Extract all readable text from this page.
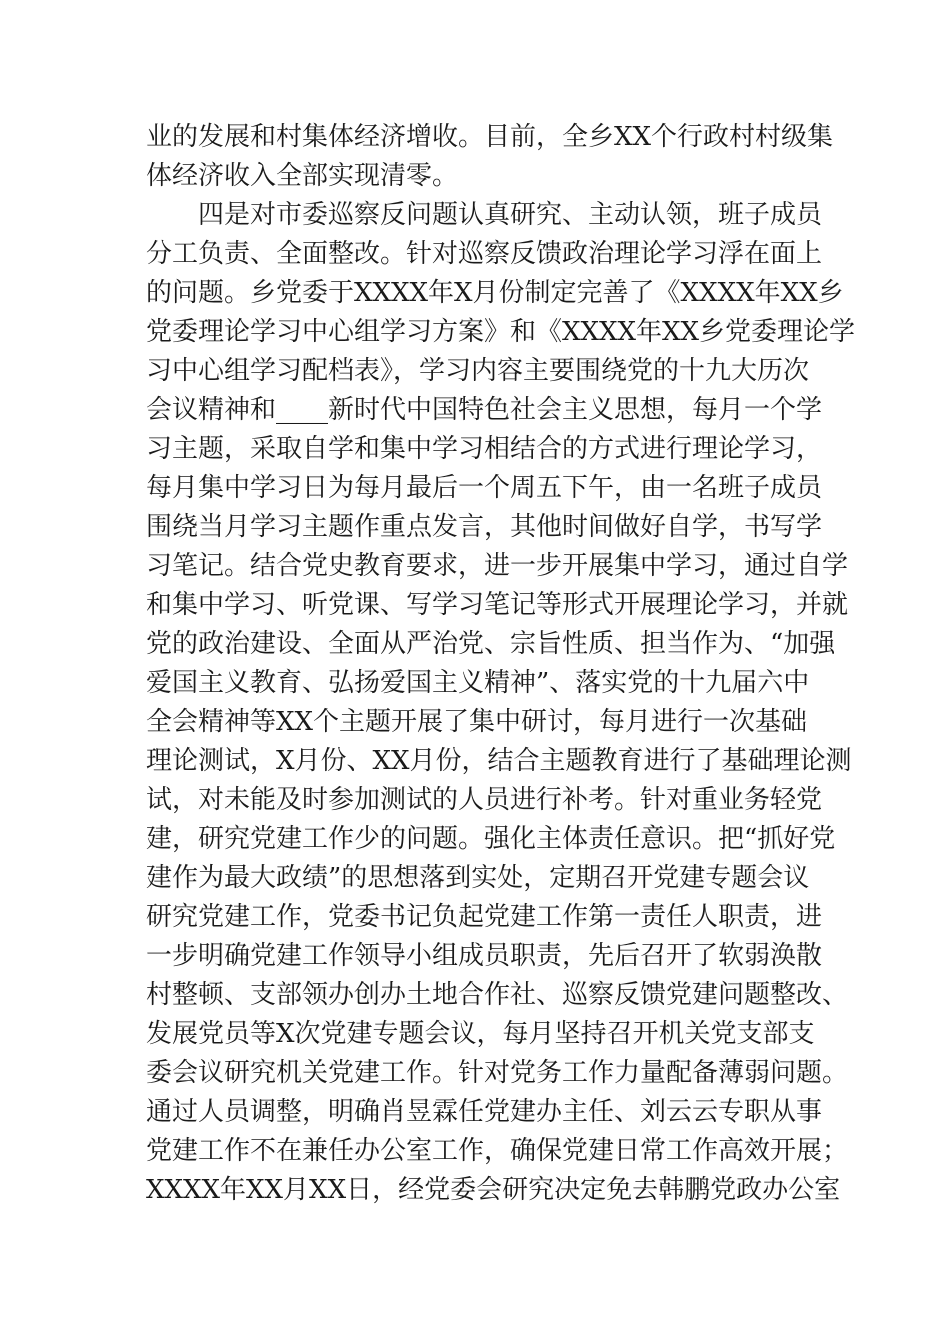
业的发展和村集体经济增收。目前，全乡XX个行政村村级集
体经济收入全部实现清零。
四是对市委巡察反问题认真研究、主动认领，班子成员
分工负责、全面整改。针对巡察反馈政治理论学习浮在面上
的问题。乡党委于XXXX年X月份制定完善了《XXXX年XX乡
党委理论学习中心组学习方案》和《XXXX年XX乡党委理论学
习中心组学习配档表》，学习内容主要围绕党的十九大历次
会议精神和____新时代中国特色社会主义思想，每月一个学
习主题，采取自学和集中学习相结合的方式进行理论学习，
每月集中学习日为每月最后一个周五下午，由一名班子成员
围绕当月学习主题作重点发言，其他时间做好自学，书写学
习笔记。结合党史教育要求，进一步开展集中学习，通过自学
和集中学习、听党课、写学习笔记等形式开展理论学习，并就
党的政治建设、全面从严治党、宗旨性质、担当作为、“加强
爱国主义教育、弘扬爱国主义精神”、落实党的十九届六中
全会精神等XX个主题开展了集中研讨，每月进行一次基础
理论测试，X月份、XX月份，结合主题教育进行了基础理论测
试，对未能及时参加测试的人员进行补考。针对重业务轻党
建，研究党建工作少的问题。强化主体责任意识。把“抓好党
建作为最大政绩”的思想落到实处，定期召开党建专题会议
研究党建工作，党委书记负起党建工作第一责任人职责，进
一步明确党建工作领导小组成员职责，先后召开了软弱涣散
村整顿、支部领办创办土地合作社、巡察反馈党建问题整改、
发展党员等X次党建专题会议，每月坚持召开机关党支部支
委会议研究机关党建工作。针对党务工作力量配备薄弱问题。
通过人员调整，明确肖昱霖任党建办主任、刘云云专职从事
党建工作不在兼任办公室工作，确保党建日常工作高效开展；
XXXX年XX月XX日，经党委会研究决定免去韩鹏党政办公室
